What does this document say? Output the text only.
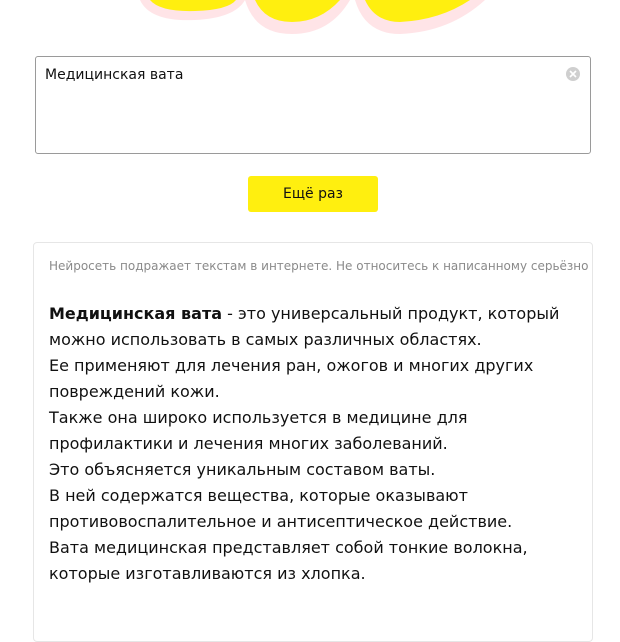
Медицинская вата
Ещё раз
Нейросеть подражает текстам в интернете. Не относитесь к написанному серьёзно

Медицинская вата - это универсальный продукт, который можно использовать в самых различных областях.

Ее применяют для лечения ран, ожогов и многих других повреждений кожи.

Также она широко используется в медицине для профилактики и лечения многих заболеваний.

Это объясняется уникальным составом ваты.

В ней содержатся вещества, которые оказывают противовоспалительное и антисептическое действие.

Вата медицинская представляет собой тонкие волокна, которые изготавливаются из хлопка.
